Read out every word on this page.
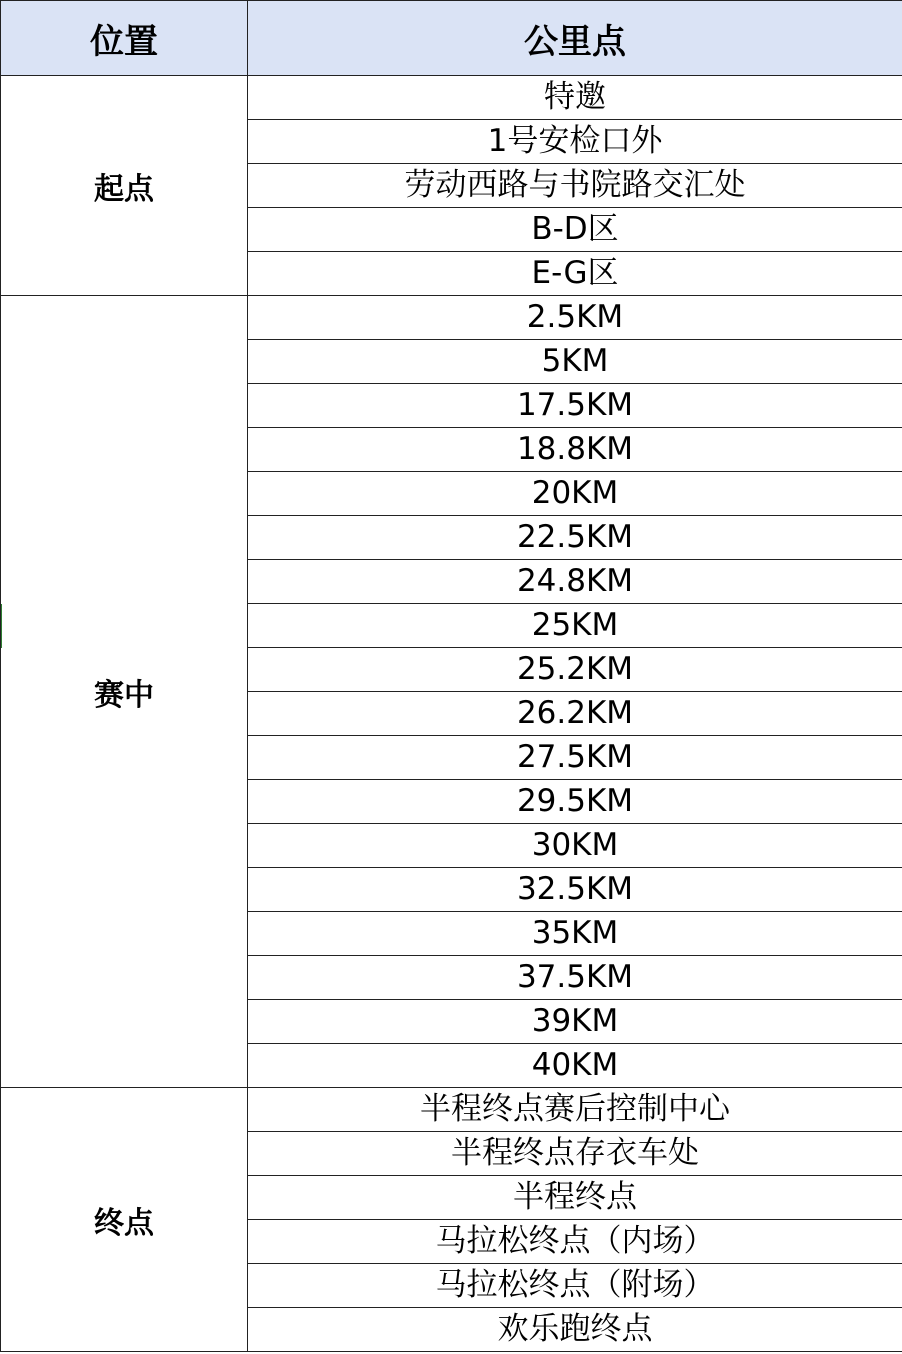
位置	公里点
起点	特邀
	1号安检口外
	劳动西路与书院路交汇处
	B-D区
	E-G区
赛中	2.5KM
	5KM
	17.5KM
	18.8KM
	20KM
	22.5KM
	24.8KM
	25KM
	25.2KM
	26.2KM
	27.5KM
	29.5KM
	30KM
	32.5KM
	35KM
	37.5KM
	39KM
	40KM
终点	半程终点赛后控制中心
	半程终点存衣车处
	半程终点
	马拉松终点（内场）
	马拉松终点（附场）
	欢乐跑终点
